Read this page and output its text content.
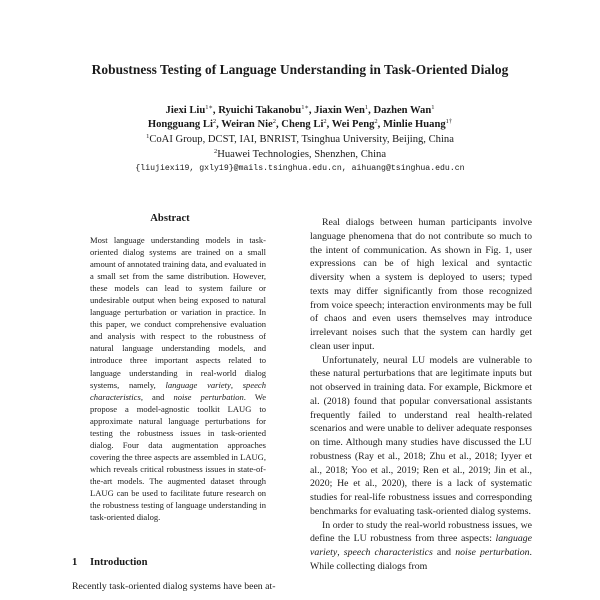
Robustness Testing of Language Understanding in Task-Oriented Dialog
Jiexi Liu$^{1∗}$, Ryuichi Takanobu$^{1∗}$, Jiaxin Wen$^1$, Dazhen Wan$^1$
Hongguang Li$^2$, Weiran Nie$^2$, Cheng Li$^2$, Wei Peng$^2$, Minlie Huang$^{1\dagger}$
$^1$CoAI Group, DCST, IAI, BNRIST, Tsinghua University, Beijing, China
$^2$Huawei Technologies, Shenzhen, China
{liujiexi19, gxly19}@mails.tsinghua.edu.cn, aihuang@tsinghua.edu.cn
Abstract

Most language understanding models in task-oriented dialog systems are trained on a small amount of annotated training data, and evaluated in a small set from the same distribution. However, these models can lead to system failure or undesirable output when being exposed to natural language perturbation or variation in practice. In this paper, we conduct comprehensive evaluation and analysis with respect to the robustness of natural language understanding models, and introduce three important aspects related to language understanding in real-world dialog systems, namely, language variety, speech characteristics, and noise perturbation. We propose a model-agnostic toolkit LAUG to approximate natural language perturbations for testing the robustness issues in task-oriented dialog. Four data augmentation approaches covering the three aspects are assembled in LAUG, which reveals critical robustness issues in state-of-the-art models. The augmented dataset through LAUG can be used to facilitate future research on the robustness testing of language understanding in task-oriented dialog.

1 Introduction

Recently task-oriented dialog systems have been at-

Real dialogs between human participants involve language phenomena that do not contribute so much to the intent of communication. As shown in Fig. 1, user expressions can be of high lexical and syntactic diversity when a system is deployed to users; typed texts may differ significantly from those recognized from voice speech; interaction environments may be full of chaos and even users themselves may introduce irrelevant noises such that the system can hardly get clean user input.

Unfortunately, neural LU models are vulnerable to these natural perturbations that are legitimate inputs but not observed in training data. For example, Bickmore et al. (2018) found that popular conversational assistants frequently failed to understand real health-related scenarios and were unable to deliver adequate responses on time. Although many studies have discussed the LU robustness (Ray et al., 2018; Zhu et al., 2018; Iyyer et al., 2018; Yoo et al., 2019; Ren et al., 2019; Jin et al., 2020; He et al., 2020), there is a lack of systematic studies for real-life robustness issues and corresponding benchmarks for evaluating task-oriented dialog systems.

In order to study the real-world robustness issues, we define the LU robustness from three aspects: language variety, speech characteristics and noise perturbation. While collecting dialogs from
